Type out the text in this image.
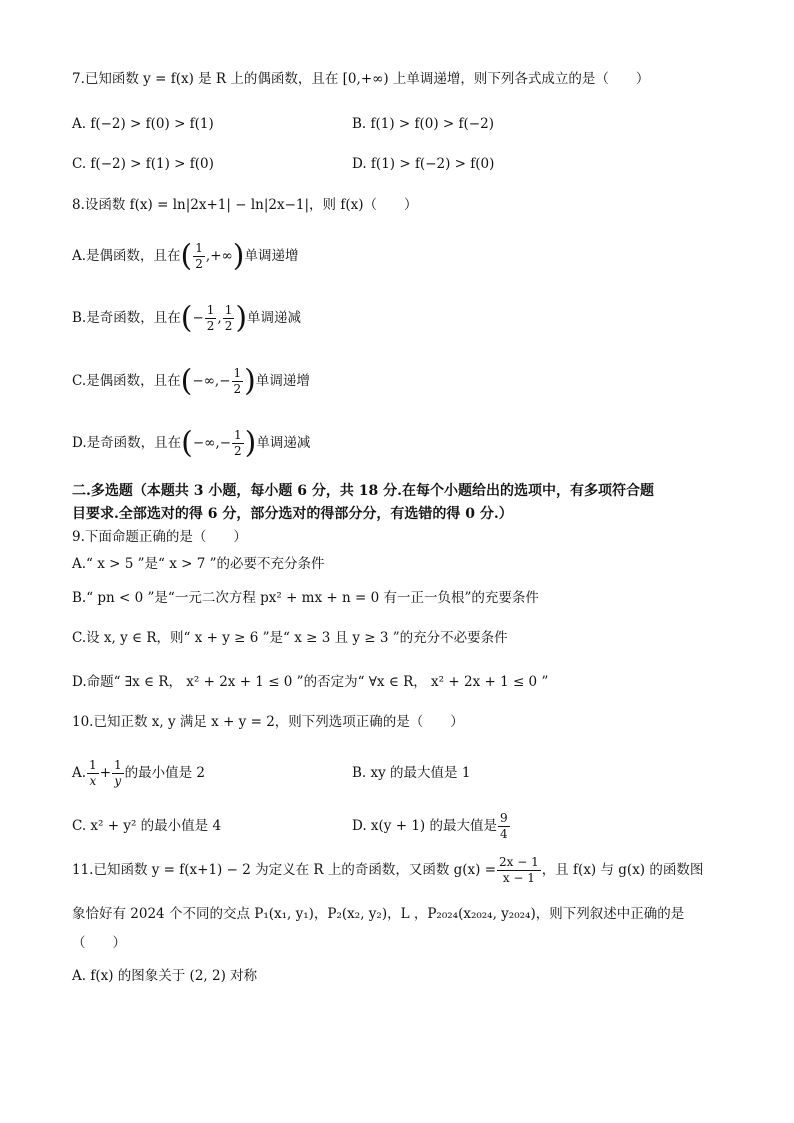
7.已知函数 y = f(x) 是 R 上的偶函数，且在 [0,+∞) 上单调递增，则下列各式成立的是（　　）
A. f(−2) > f(0) > f(1)	B. f(1) > f(0) > f(−2)
C. f(−2) > f(1) > f(0)	D. f(1) > f(−2) > f(0)
8.设函数 f(x) = ln|2x+1| − ln|2x−1|，则 f(x)（　　）
A.是偶函数，且在( $\frac{1}{2}$ ,+∞)单调递增
B.是奇函数，且在(− $\frac{1}{2}$ , $\frac{1}{2}$ )单调递减
C.是偶函数，且在(−∞,− $\frac{1}{2}$ )单调递增
D.是奇函数，且在(−∞,− $\frac{1}{2}$ )单调递减
二.多选题（本题共 3 小题，每小题 6 分，共 18 分.在每个小题给出的选项中，有多项符合题
目要求.全部选对的得 6 分，部分选对的得部分分，有选错的得 0 分.）
9.下面命题正确的是（　　）
A.“ x > 5 ”是“ x > 7 ”的必要不充分条件
B.“ pn < 0 ”是“一元二次方程 px² + mx + n = 0 有一正一负根”的充要条件
C.设 x, y ∈ R，则“ x + y ≥ 6 ”是“ x ≥ 3 且 y ≥ 3 ”的充分不必要条件
D.命题“ ∃x ∈ R， x² + 2x + 1 ≤ 0 ”的否定为“ ∀x ∈ R， x² + 2x + 1 ≤ 0 ”
10.已知正数 x, y 满足 x + y = 2，则下列选项正确的是（　　）
A. $\frac{1}{x} + \frac{1}{y}$ 的最小值是 2	B. xy 的最大值是 1
C. x² + y² 的最小值是 4	D. x(y + 1) 的最大值是 $\frac{9}{4}$
11.已知函数 y = f(x+1) − 2 为定义在 R 上的奇函数，又函数 $g(x) = \frac{2x - 1}{x - 1}$ ，且 f(x) 与 g(x) 的函数图
象恰好有 2024 个不同的交点 P₁(x₁, y₁)，P₂(x₂, y₂)，L ，P₂₀₂₄(x₂₀₂₄, y₂₀₂₄)，则下列叙述中正确的是
（　　）
A. f(x) 的图象关于 (2, 2) 对称
